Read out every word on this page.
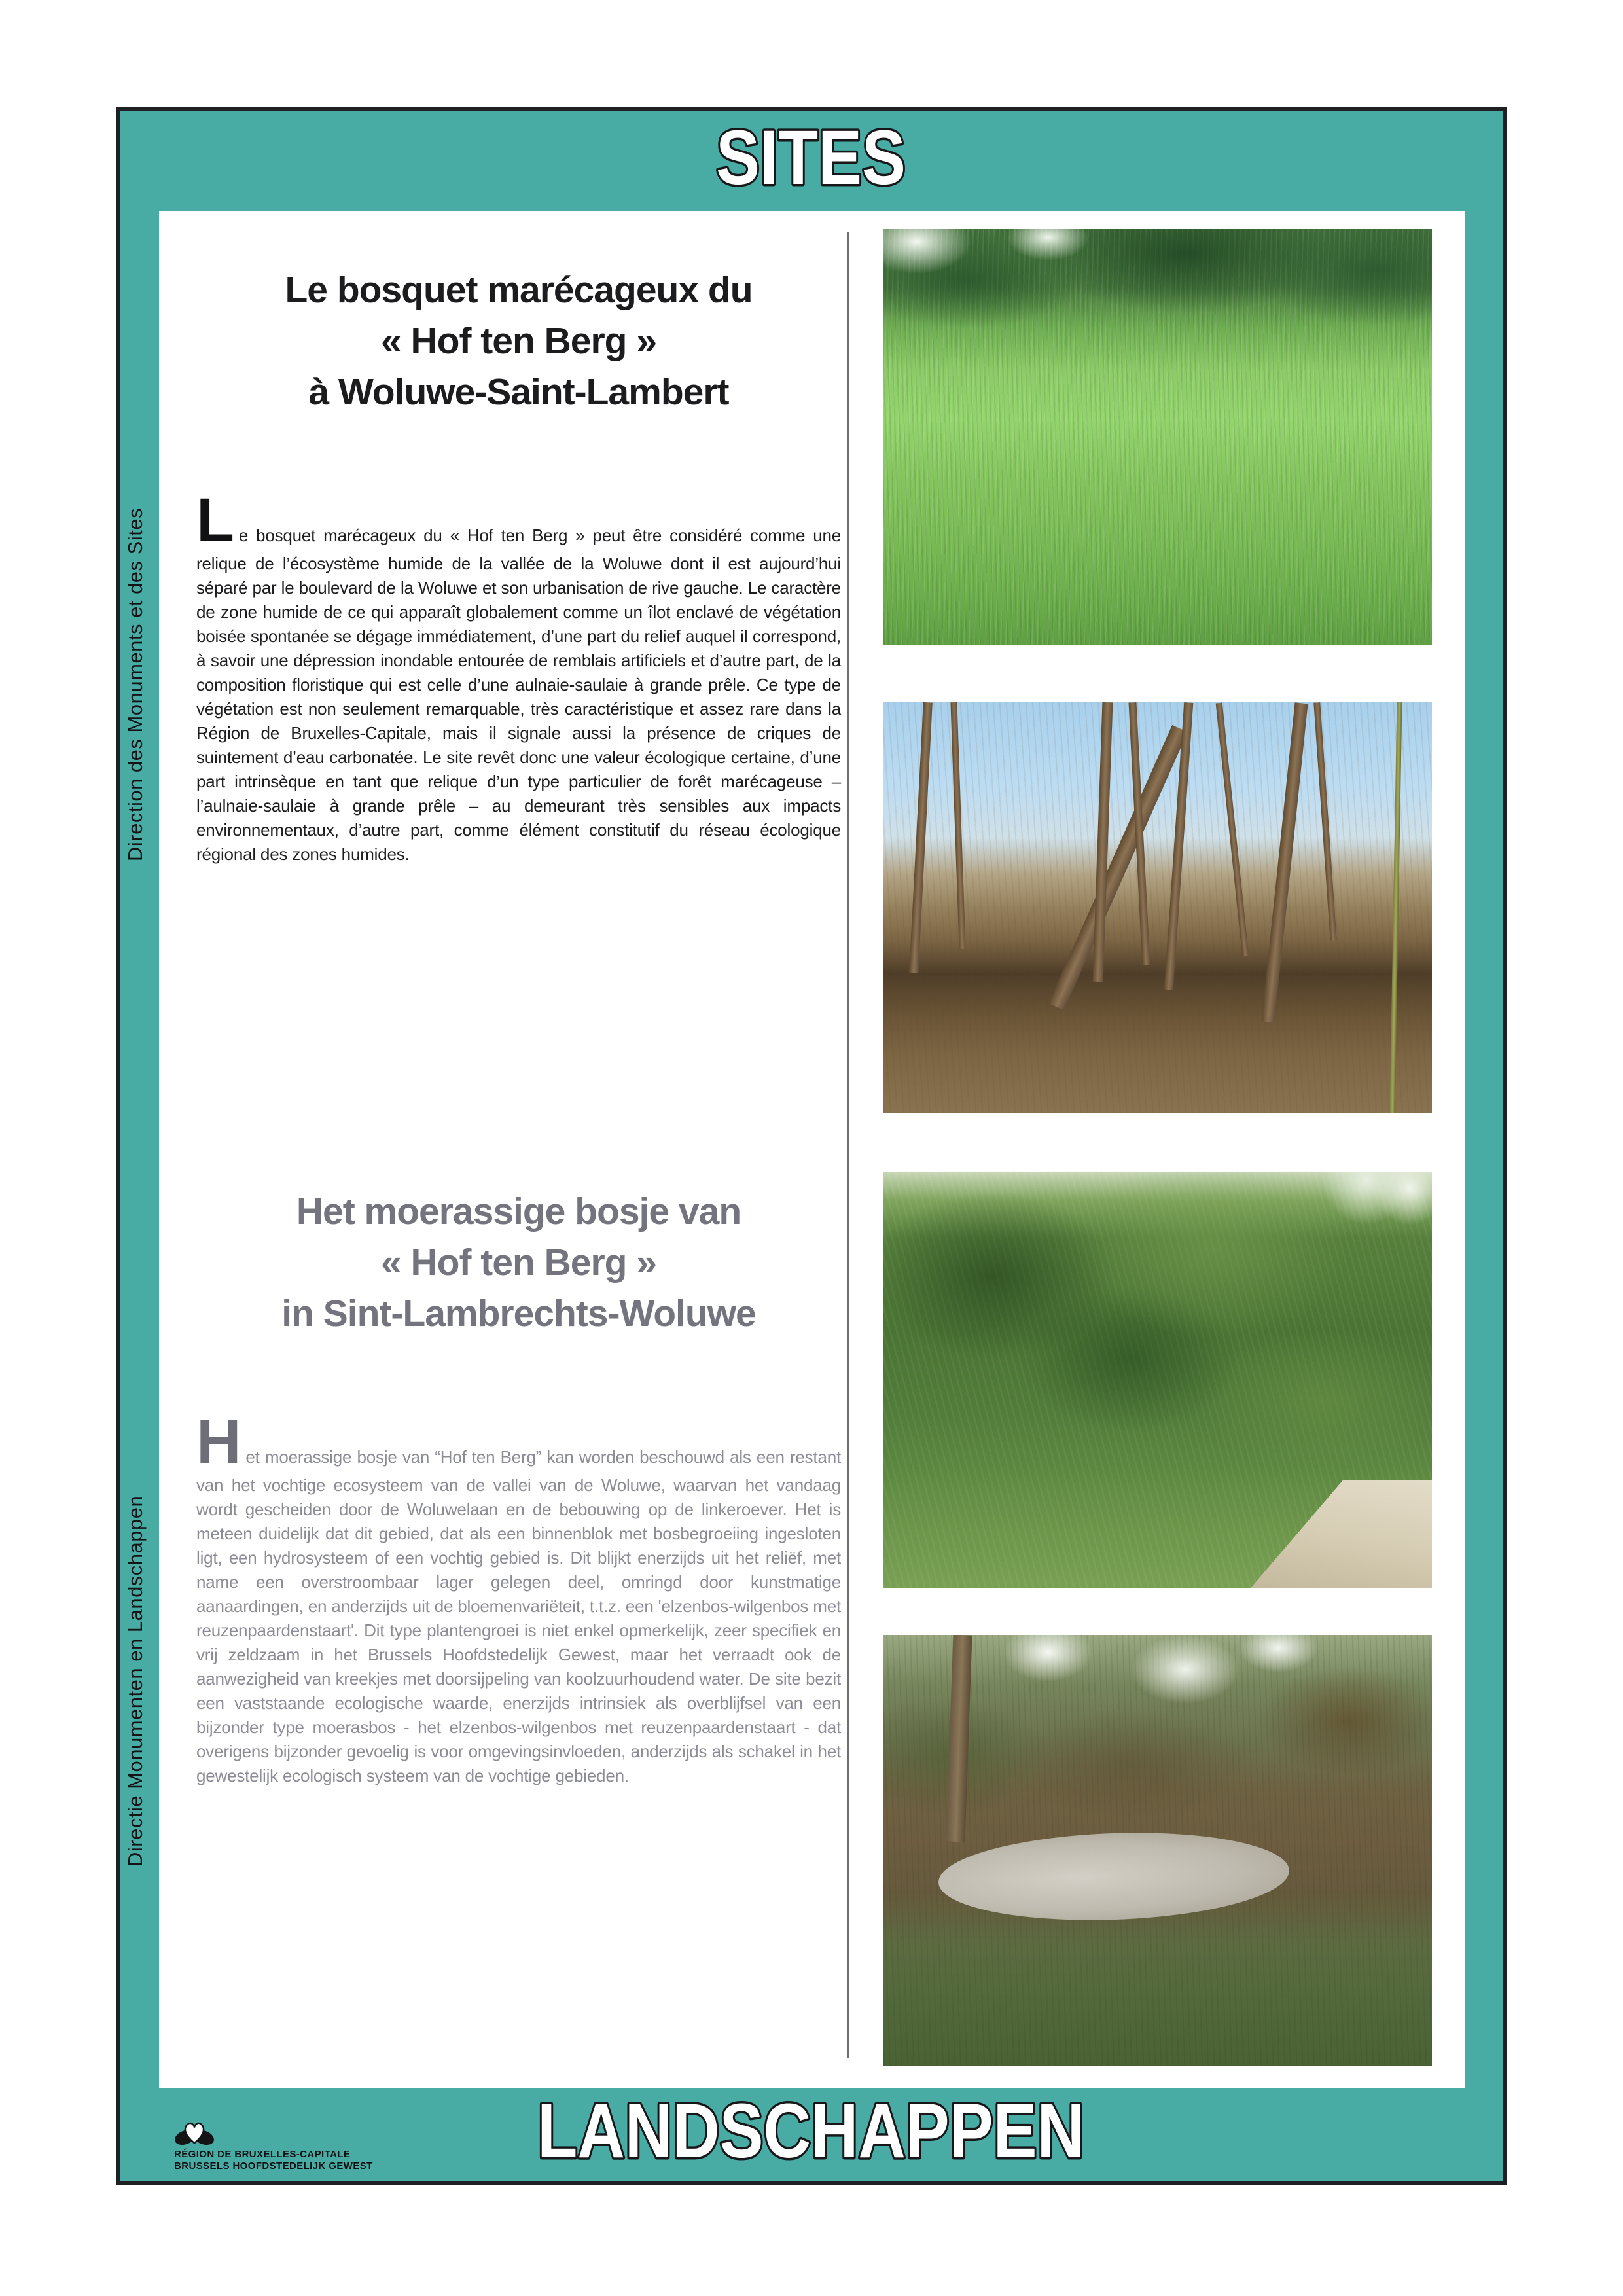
SITES
Direction des Monuments et des Sites
Directie Monumenten en Landschappen
Le bosquet marécageux du
« Hof ten Berg »
à Woluwe-Saint-Lambert

Le bosquet marécageux du « Hof ten Berg » peut être considéré comme une relique de l’écosystème humide de la vallée de la Woluwe dont il est aujourd’hui séparé par le boulevard de la Woluwe et son urbanisation de rive gauche. Le caractère de zone humide de ce qui apparaît globalement comme un îlot enclavé de végétation boisée spontanée se dégage immédiatement, d’une part du relief auquel il correspond, à savoir une dépression inondable entourée de remblais artificiels et d’autre part, de la composition floristique qui est celle d’une aulnaie-saulaie à grande prêle. Ce type de végétation est non seulement remarquable, très caractéristique et assez rare dans la Région de Bruxelles-Capitale, mais il signale aussi la présence de criques de suintement d’eau carbonatée. Le site revêt donc une valeur écologique certaine, d’une part intrinsèque en tant que relique d’un type particulier de forêt marécageuse – l’aulnaie-saulaie à grande prêle – au demeurant très sensibles aux impacts environnementaux, d’autre part, comme élément constitutif du réseau écologique régional des zones humides.

Het moerassige bosje van
« Hof ten Berg »
in Sint-Lambrechts-Woluwe

Het moerassige bosje van “Hof ten Berg” kan worden beschouwd als een restant van het vochtige ecosysteem van de vallei van de Woluwe, waarvan het vandaag wordt gescheiden door de Woluwelaan en de bebouwing op de linkeroever. Het is meteen duidelijk dat dit gebied, dat als een binnenblok met bosbegroeiing ingesloten ligt, een hydrosysteem of een vochtig gebied is. Dit blijkt enerzijds uit het reliëf, met name een overstroombaar lager gelegen deel, omringd door kunstmatige aanaardingen, en anderzijds uit de bloemenvariëteit, t.t.z. een 'elzenbos-wilgenbos met reuzenpaardenstaart'. Dit type plantengroei is niet enkel opmerkelijk, zeer specifiek en vrij zeldzaam in het Brussels Hoofdstedelijk Gewest, maar het verraadt ook de aanwezigheid van kreekjes met doorsijpeling van koolzuurhoudend water. De site bezit een vaststaande ecologische waarde, enerzijds intrinsiek als overblijfsel van een bijzonder type moerasbos - het elzenbos-wilgenbos met reuzenpaardenstaart - dat overigens bijzonder gevoelig is voor omgevingsinvloeden, anderzijds als schakel in het gewestelijk ecologisch systeem van de vochtige gebieden.

RÉGION DE BRUXELLES-CAPITALE
BRUSSELS HOOFDSTEDELIJK GEWEST LANDSCHAPPEN
